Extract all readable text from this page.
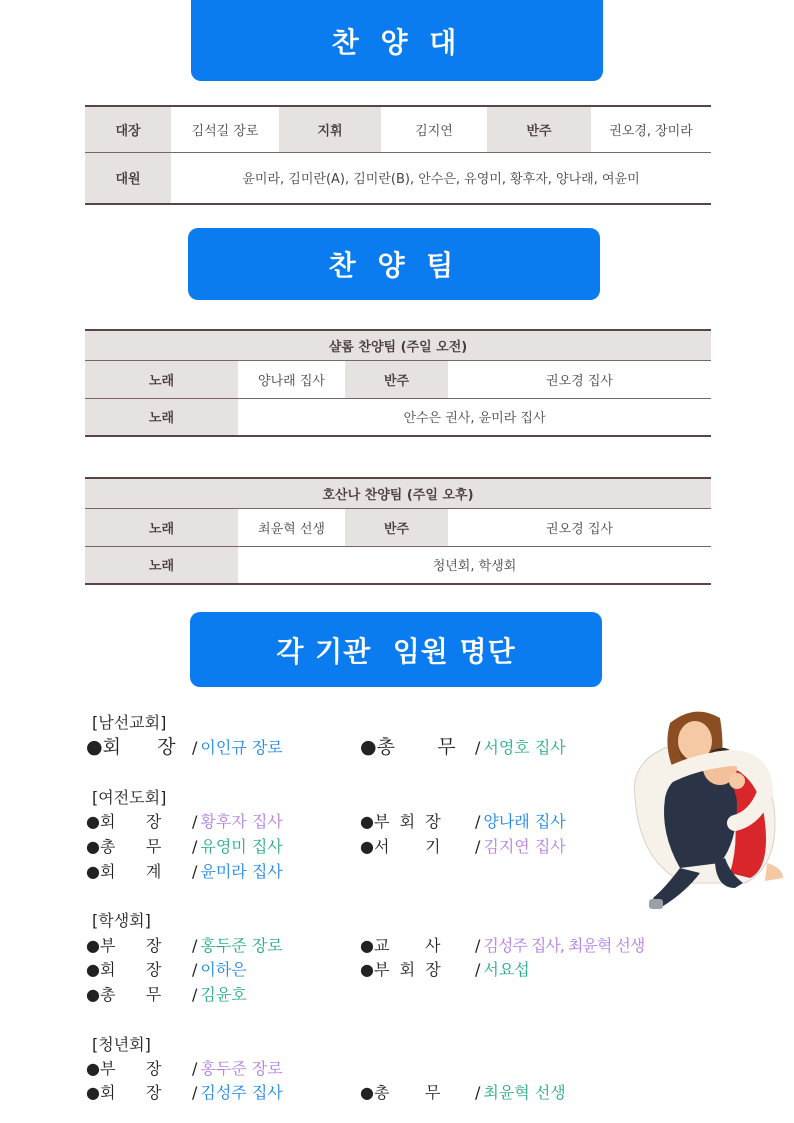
찬 양 대
대장	김석길 장로	지휘	김지연	반주	권오경, 장미라
대원	윤미라, 김미란(A), 김미란(B), 안수은, 유영미, 황후자, 양나래, 여윤미				
찬 양 팀
샬롬 찬양팀 (주일 오전)			
노래	양나래 집사	반주	권오경 집사
노래	안수은 권사, 윤미라 집사		
호산나 찬양팀 (주일 오후)			
노래	최윤혁 선생	반주	권오경 집사
노래	청년회, 학생회		
각 기관  임원 명단
[남선교회]
●회      장 / 이인규 장로	●총       무 / 서영호 집사
[여전도회]
●회      장 / 황후자 집사	●부  회  장 / 양나래 집사
●총      무 / 유영미 집사	●서       기 / 김지연 집사
●회      계 / 윤미라 집사
[학생회]
●부      장 / 홍두준 장로	●교       사 / 김성주 집사, 최윤혁 선생
●회      장 / 이하은	●부  회  장 / 서요섭
●총      무 / 김윤호
[청년회]
●부      장 / 홍두준 장로
●회      장 / 김성주 집사	●총       무 / 최윤혁 선생
